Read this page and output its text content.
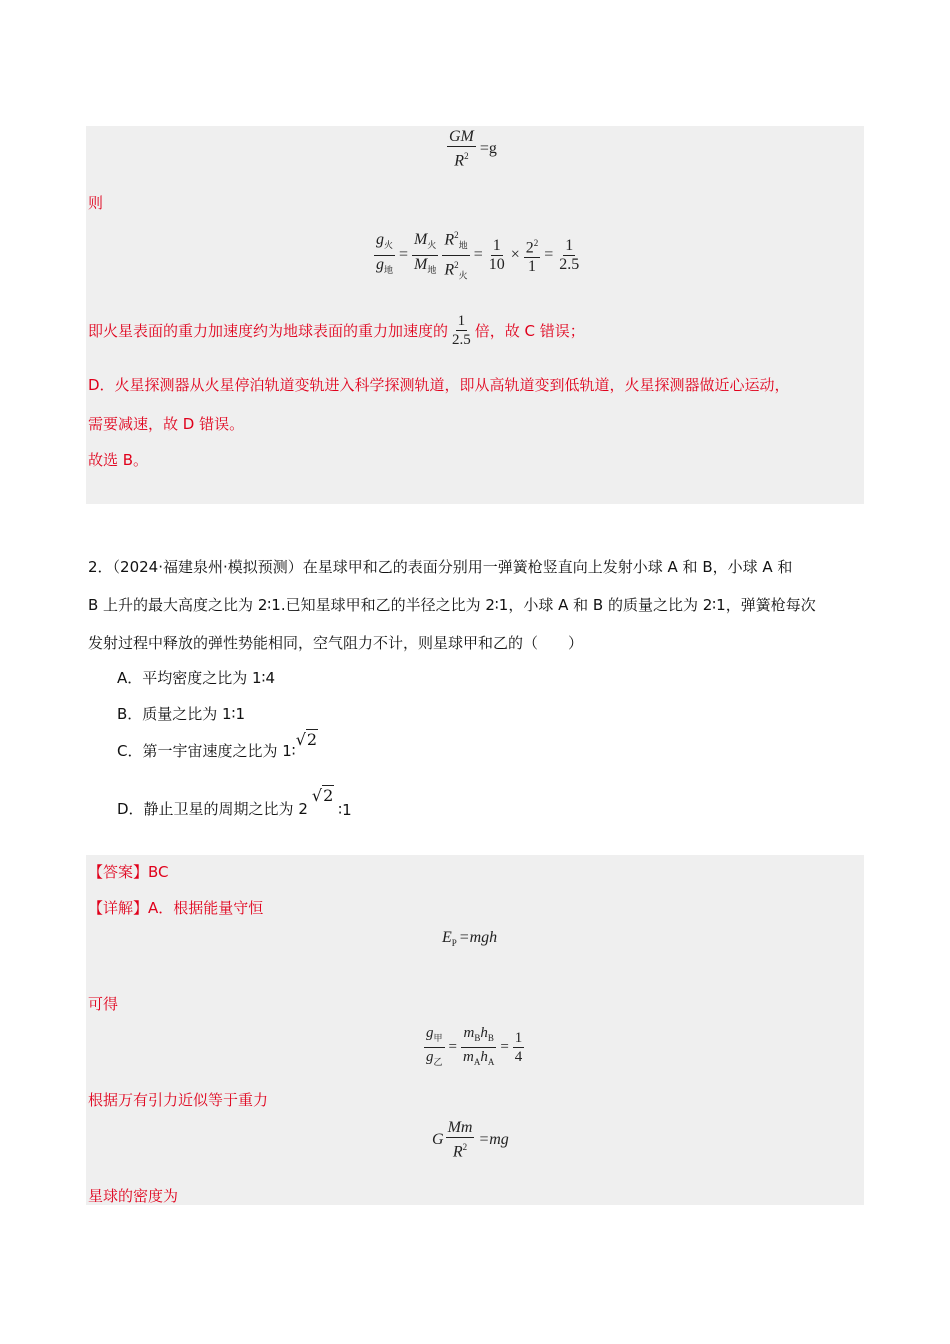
$\frac{GM}{R^2} =g$
则
$\frac{g_火}{g_地} = \frac{M_火}{M_地} \frac{R^2_地}{R^2_火} = \frac{1}{10} \times \frac{2^2}{1} = \frac{1}{2.5}$
即火星表面的重力加速度约为地球表面的重力加速度的 $\frac{1}{2.5}$ 倍，故 C 错误；
D．火星探测器从火星停泊轨道变轨进入科学探测轨道，即从高轨道变到低轨道，火星探测器做近心运动，
需要减速，故 D 错误。
故选 B。
2．（2024·福建泉州·模拟预测）在星球甲和乙的表面分别用一弹簧枪竖直向上发射小球 A 和 B，小球 A 和
B 上升的最大高度之比为 2∶1.已知星球甲和乙的半径之比为 2∶1，小球 A 和 B 的质量之比为 2∶1，弹簧枪每次
发射过程中释放的弹性势能相同，空气阻力不计，则星球甲和乙的（　　）
A．平均密度之比为 1∶4
B．质量之比为 1∶1
C．第一宇宙速度之比为 1∶√2
D．静止卫星的周期之比为 2√2∶1
【答案】BC
【详解】A．根据能量守恒
$E_P =mgh$
可得
$\frac{g_甲}{g_乙} = \frac{m_Bh_B}{m_Ah_A} = \frac{1}{4}$
根据万有引力近似等于重力
G $\frac{Mm}{R^2} =mg$
星球的密度为
